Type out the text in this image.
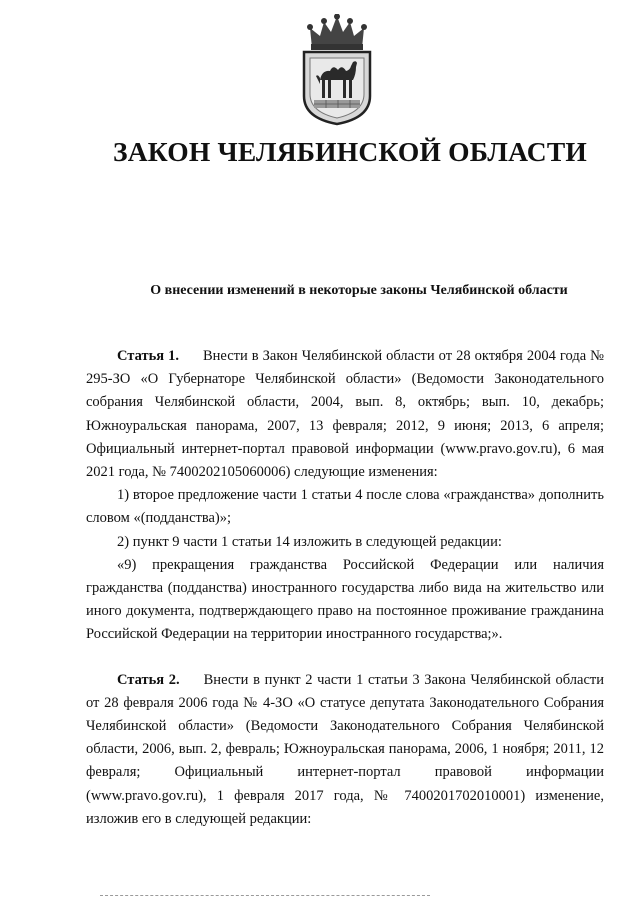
ЗАКОН ЧЕЛЯБИНСКОЙ ОБЛАСТИ
О внесении изменений в некоторые законы Челябинской области

Статья 1. Внести в Закон Челябинской области от 28 октября 2004 года № 295-ЗО «О Губернаторе Челябинской области» (Ведомости Законодательного собрания Челябинской области, 2004, вып. 8, октябрь; вып. 10, декабрь; Южноуральская панорама, 2007, 13 февраля; 2012, 9 июня; 2013, 6 апреля; Официальный интернет-портал правовой информации (www.pravo.gov.ru), 6 мая 2021 года, № 7400202105060006) следующие изменения:

1) второе предложение части 1 статьи 4 после слова «гражданства» дополнить словом «(подданства)»;

2) пункт 9 части 1 статьи 14 изложить в следующей редакции:

«9) прекращения гражданства Российской Федерации или наличия гражданства (подданства) иностранного государства либо вида на жительство или иного документа, подтверждающего право на постоянное проживание гражданина Российской Федерации на территории иностранного государства;».

Статья 2. Внести в пункт 2 части 1 статьи 3 Закона Челябинской области от 28 февраля 2006 года № 4-ЗО «О статусе депутата Законодательного Собрания Челябинской области» (Ведомости Законодательного Собрания Челябинской области, 2006, вып. 2, февраль; Южноуральская панорама, 2006, 1 ноября; 2011, 12 февраля; Официальный интернет-портал правовой информации (www.pravo.gov.ru), 1 февраля 2017 года, № 7400201702010001) изменение, изложив его в следующей редакции:
